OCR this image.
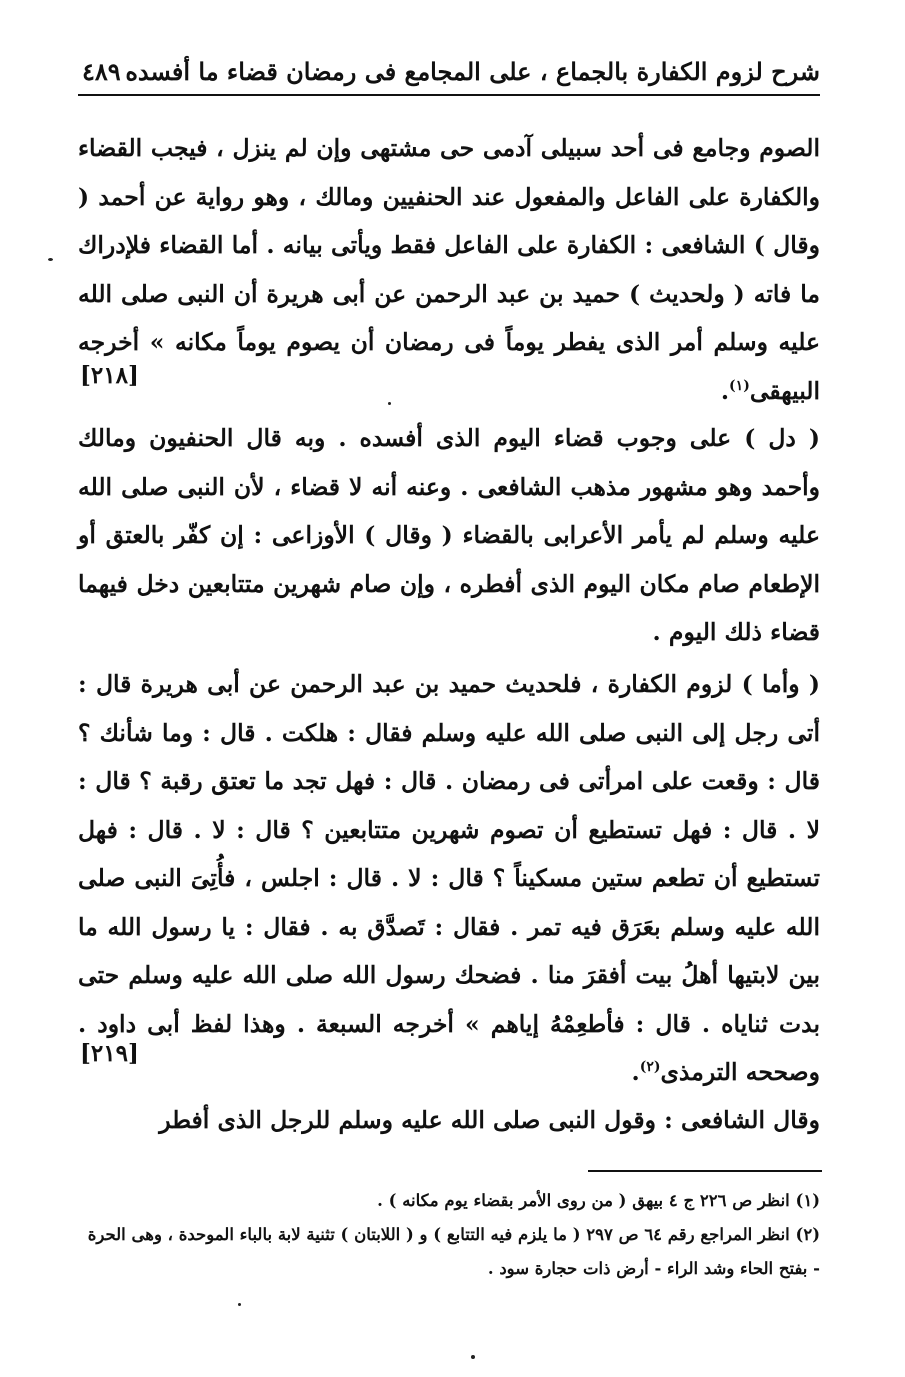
شرح لزوم الكفارة بالجماع ، على المجامع فى رمضان قضاء ما أفسده
٤٨٩

الصوم وجامع فى أحد سبيلى آدمى حى مشتهى وإن لم ينزل ، فيجب القضاء والكفارة على الفاعل والمفعول عند الحنفيين ومالك ، وهو رواية عن أحمد ( وقال ) الشافعى : الكفارة على الفاعل فقط ويأتى بيانه . أما القضاء فلإدراك ما فاته ( ولحديث ) حميد بن عبد الرحمن عن أبى هريرة أن النبى صلى الله عليه وسلم أمر الذى يفطر يوماً فى رمضان أن يصوم يوماً مكانه » أخرجه البيهقى$^{(١)}$.

[٢١٨]

( دل ) على وجوب قضاء اليوم الذى أفسده . وبه قال الحنفيون ومالك وأحمد وهو مشهور مذهب الشافعى . وعنه أنه لا قضاء ، لأن النبى صلى الله عليه وسلم لم يأمر الأعرابى بالقضاء ( وقال ) الأوزاعى : إن كفّر بالعتق أو الإطعام صام مكان اليوم الذى أفطره ، وإن صام شهرين متتابعين دخل فيهما قضاء ذلك اليوم .

( وأما ) لزوم الكفارة ، فلحديث حميد بن عبد الرحمن عن أبى هريرة قال : أتى رجل إلى النبى صلى الله عليه وسلم فقال : هلكت . قال : وما شأنك ؟ قال : وقعت على امرأتى فى رمضان . قال : فهل تجد ما تعتق رقبة ؟ قال : لا . قال : فهل تستطيع أن تصوم شهرين متتابعين ؟ قال : لا . قال : فهل تستطيع أن تطعم ستين مسكيناً ؟ قال : لا . قال : اجلس ، فأُتِىَ النبى صلى الله عليه وسلم بعَرَق فيه تمر . فقال : تَصدَّق به . فقال : يا رسول الله ما بين لابتيها أهلُ بيت أفقرَ منا . فضحك رسول الله صلى الله عليه وسلم حتى بدت ثناياه . قال : فأطعِمْهُ إياهم » أخرجه السبعة . وهذا لفظ أبى داود . وصححه الترمذى$^{(٢)}$.

[٢١٩]

وقال الشافعى : وقول النبى صلى الله عليه وسلم للرجل الذى أفطر

(١) انظر ص ٢٢٦ ج ٤ بيهق ( من روى الأمر بقضاء يوم مكانه ) .

(٢) انظر المراجع رقم ٦٤ ص ٢٩٧ ( ما يلزم فيه التتابع ) و ( اللابتان ) تثنية لابة بالباء الموحدة ، وهى الحرة - بفتح الحاء وشد الراء - أرض ذات حجارة سود .
